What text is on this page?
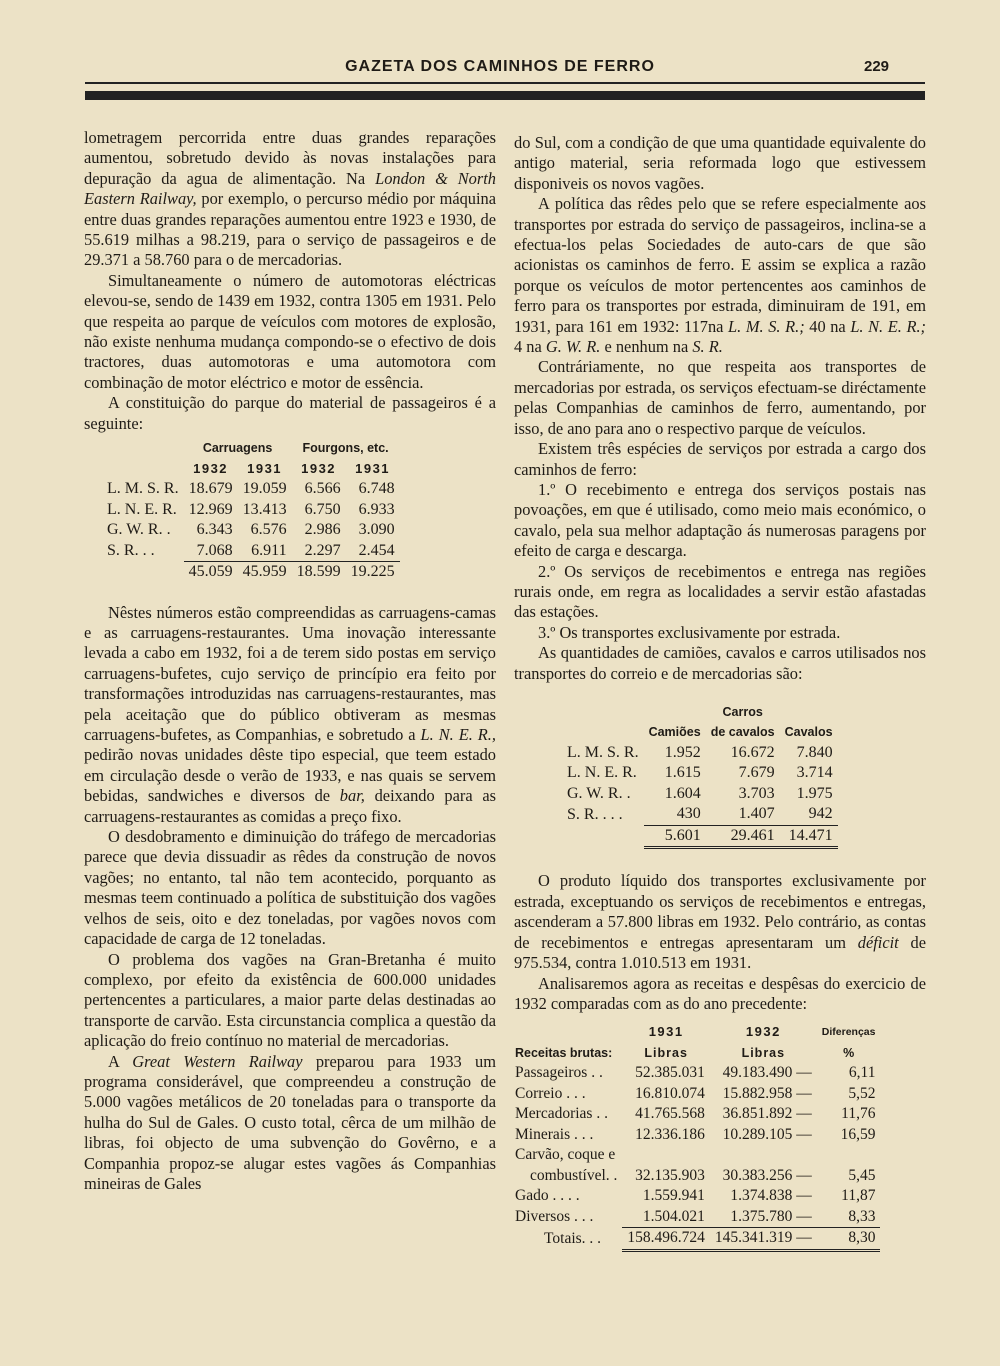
GAZETA DOS CAMINHOS DE FERRO	229

lometragem percorrida entre duas grandes reparações aumentou, sobretudo devido às novas instalações para depuração da agua de alimentação. Na London & North Eastern Railway, por exemplo, o percurso médio por máquina entre duas grandes reparações aumentou entre 1923 e 1930, de 55.619 milhas a 98.219, para o serviço de passageiros e de 29.371 a 58.760 para o de mercadorias.

Simultaneamente o número de automotoras eléctricas elevou-se, sendo de 1439 em 1932, contra 1305 em 1931. Pelo que respeita ao parque de veículos com motores de explosão, não existe nenhuma mudança compondo-se o efectivo de dois tractores, duas automotoras e uma automotora com combinação de motor eléctrico e motor de essência.

A constituição do parque do material de passageiros é a seguinte:

	Carruagens		Fourgons, etc.	
	1932	1931	1932	1931
L. M. S. R.	18.679	19.059	6.566	6.748
L. N. E. R.	12.969	13.413	6.750	6.933
G. W. R. .	6.343	6.576	2.986	3.090
S. R. . .	7.068	6.911	2.297	2.454
	45.059	45.959	18.599	19.225

Nêstes números estão compreendidas as carruagens-camas e as carruagens-restaurantes. Uma inovação interessante levada a cabo em 1932, foi a de terem sido postas em serviço carruagens-bufetes, cujo serviço de princípio era feito por transformações introduzidas nas carruagens-restaurantes, mas pela aceitação que do público obtiveram as mesmas carruagens-bufetes, as Companhias, e sobretudo a L. N. E. R., pedirão novas unidades dêste tipo especial, que teem estado em circulação desde o verão de 1933, e nas quais se servem bebidas, sandwiches e diversos de bar, deixando para as carruagens-restaurantes as comidas a preço fixo.

O desdobramento e diminuição do tráfego de mercadorias parece que devia dissuadir as rêdes da construção de novos vagões; no entanto, tal não tem acontecido, porquanto as mesmas teem continuado a política de substituição dos vagões velhos de seis, oito e dez toneladas, por vagões novos com capacidade de carga de 12 toneladas.

O problema dos vagões na Gran-Bretanha é muito complexo, por efeito da existência de 600.000 unidades pertencentes a particulares, a maior parte delas destinadas ao transporte de carvão. Esta circunstancia complica a questão da aplicação do freio contínuo no material de mercadorias.

A Great Western Railway preparou para 1933 um programa considerável, que compreendeu a construção de 5.000 vagões metálicos de 20 toneladas para o transporte da hulha do Sul de Gales. O custo total, cêrca de um milhão de libras, foi objecto de uma subvenção do Govêrno, e a Companhia propoz-se alugar estes vagões ás Companhias mineiras de Gales

do Sul, com a condição de que uma quantidade equivalente do antigo material, seria reformada logo que estivessem disponiveis os novos vagões.

A política das rêdes pelo que se refere especialmente aos transportes por estrada do serviço de passageiros, inclina-se a efectua-los pelas Sociedades de auto-cars de que são acionistas os caminhos de ferro. E assim se explica a razão porque os veículos de motor pertencentes aos caminhos de ferro para os transportes por estrada, diminuiram de 191, em 1931, para 161 em 1932: 117na L. M. S. R.; 40 na L. N. E. R.; 4 na G. W. R. e nenhum na S. R.

Contráriamente, no que respeita aos transportes de mercadorias por estrada, os serviços efectuam-se diréctamente pelas Companhias de caminhos de ferro, aumentando, por isso, de ano para ano o respectivo parque de veículos.

Existem três espécies de serviços por estrada a cargo dos caminhos de ferro:

1.º O recebimento e entrega dos serviços postais nas povoações, em que é utilisado, como meio mais económico, o cavalo, pela sua melhor adaptação ás numerosas paragens por efeito de carga e descarga.

2.º Os serviços de recebimentos e entrega nas regiões rurais onde, em regra as localidades a servir estão afastadas das estações.

3.º Os transportes exclusivamente por estrada.

As quantidades de camiões, cavalos e carros utilisados nos transportes do correio e de mercadorias são:

		Carros	
	Camiões	de cavalos	Cavalos
L. M. S. R.	1.952	16.672	7.840
L. N. E. R.	1.615	7.679	3.714
G. W. R. .	1.604	3.703	1.975
S. R. . . .	430	1.407	942
	5.601	29.461	14.471

O produto líquido dos transportes exclusivamente por estrada, exceptuando os serviços de recebimentos e entregas, ascenderam a 57.800 libras em 1932. Pelo contrário, as contas de recebimentos e entregas apresentaram um déficit de 975.534, contra 1.010.513 em 1931.

Analisaremos agora as receitas e despêsas do exercicio de 1932 comparadas com as do ano precedente:

	1931	1932	Diferenças
Receitas brutas:	Libras	Libras	%
Passageiros . .	52.385.031	49.183.490 —	6,11
Correio . . .	16.810.074	15.882.958 —	5,52
Mercadorias . .	41.765.568	36.851.892 —	11,76
Minerais . . .	12.336.186	10.289.105 —	16,59
Carvão, coque e			
combustível. .	32.135.903	30.383.256 —	5,45
Gado . . . .	1.559.941	1.374.838 —	11,87
Diversos . . .	1.504.021	1.375.780 —	8,33
Totais. . .	158.496.724	145.341.319 —	8,30
